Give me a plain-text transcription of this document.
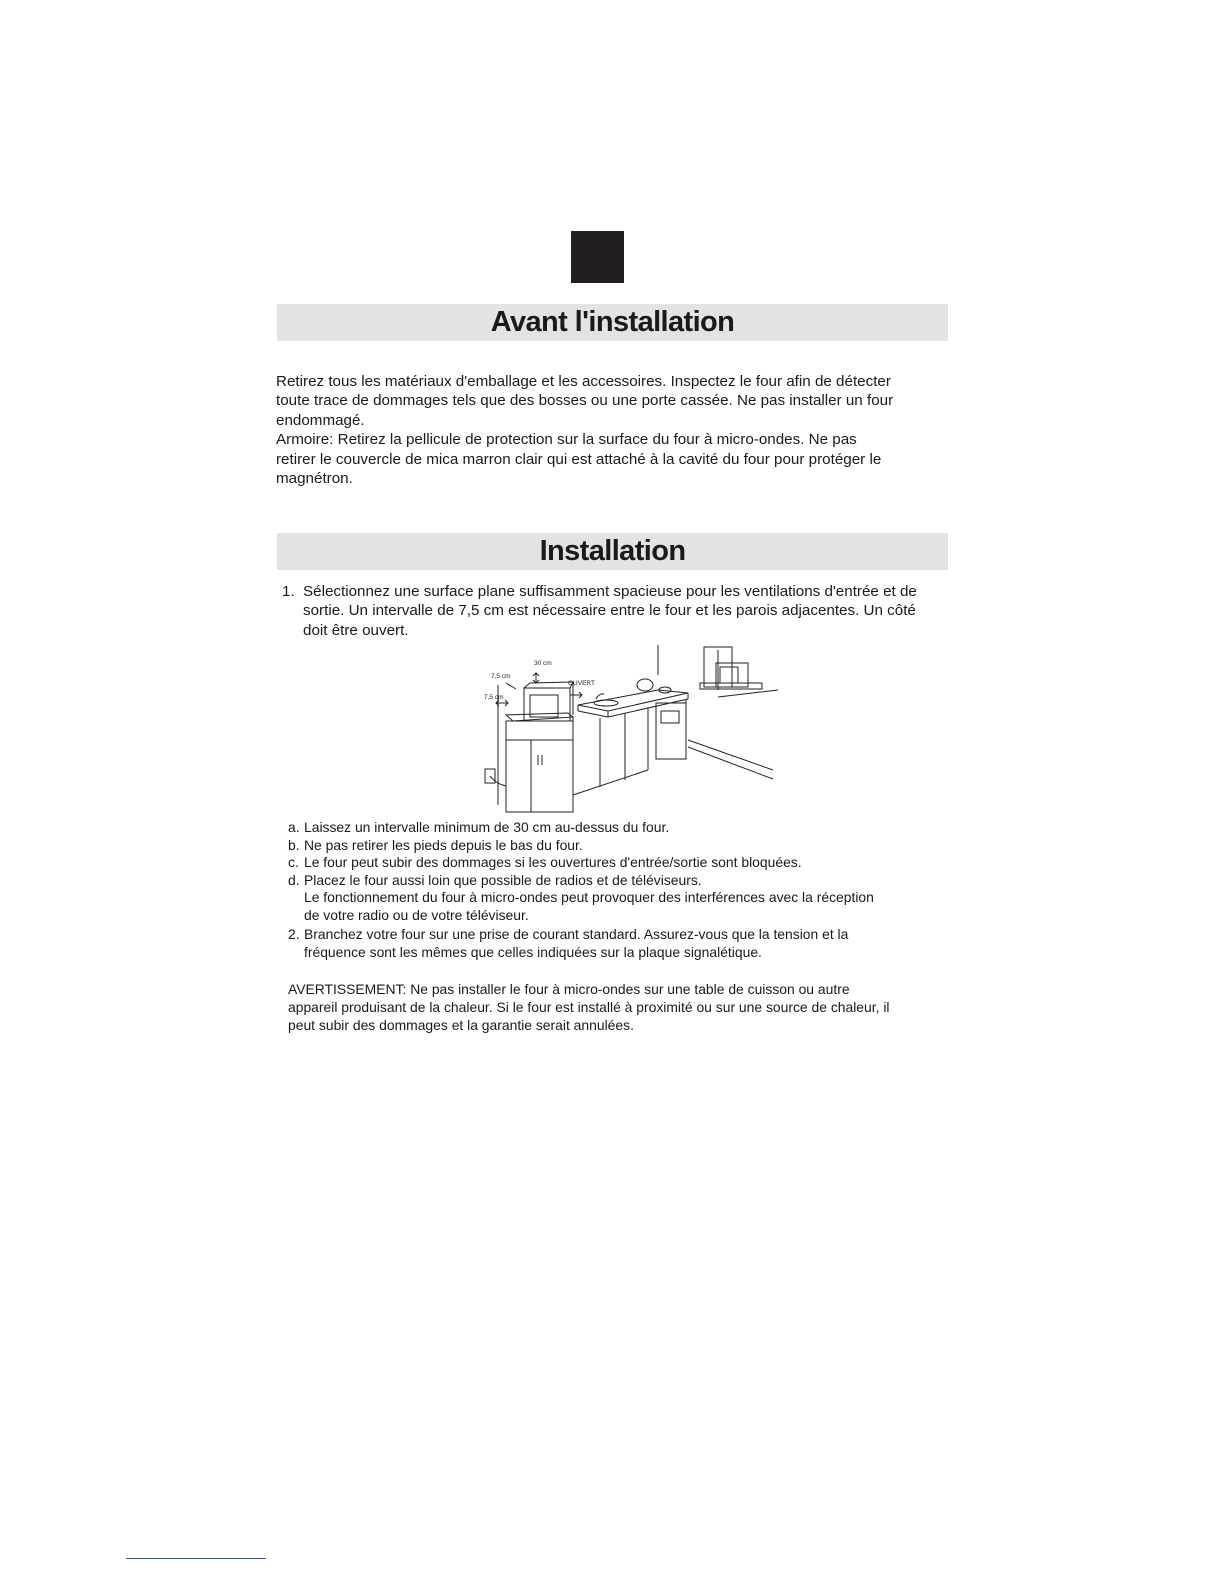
Avant l'installation

Retirez tous les matériaux d'emballage et les accessoires. Inspectez le four afin de détecter

toute trace de dommages tels que des bosses ou une porte cassée. Ne pas installer un four

endommagé.

Armoire: Retirez la pellicule de protection sur la surface du four à micro-ondes. Ne pas

retirer le couvercle de mica marron clair qui est attaché à la cavité du four pour protéger le

magnétron.

Installation
1. Sélectionnez une surface plane suffisamment spacieuse pour les ventilations d'entrée et de
sortie. Un intervalle de 7,5 cm est nécessaire entre le four et les parois adjacentes. Un côté
doit être ouvert.
30 cm
7,5 cm
7,5 cm
OUVERT
a. Laissez un intervalle minimum de 30 cm au-dessus du four.
b. Ne pas retirer les pieds depuis le bas du four.
c. Le four peut subir des dommages si les ouvertures d'entrée/sortie sont bloquées.
d. Placez le four aussi loin que possible de radios et de téléviseurs.
Le fonctionnement du four à micro-ondes peut provoquer des interférences avec la réception
de votre radio ou de votre téléviseur.
2. Branchez votre four sur une prise de courant standard. Assurez-vous que la tension et la
fréquence sont les mêmes que celles indiquées sur la plaque signalétique.

AVERTISSEMENT: Ne pas installer le four à micro-ondes sur une table de cuisson ou autre

appareil produisant de la chaleur. Si le four est installé à proximité ou sur une source de chaleur, il

peut subir des dommages et la garantie serait annulées.
